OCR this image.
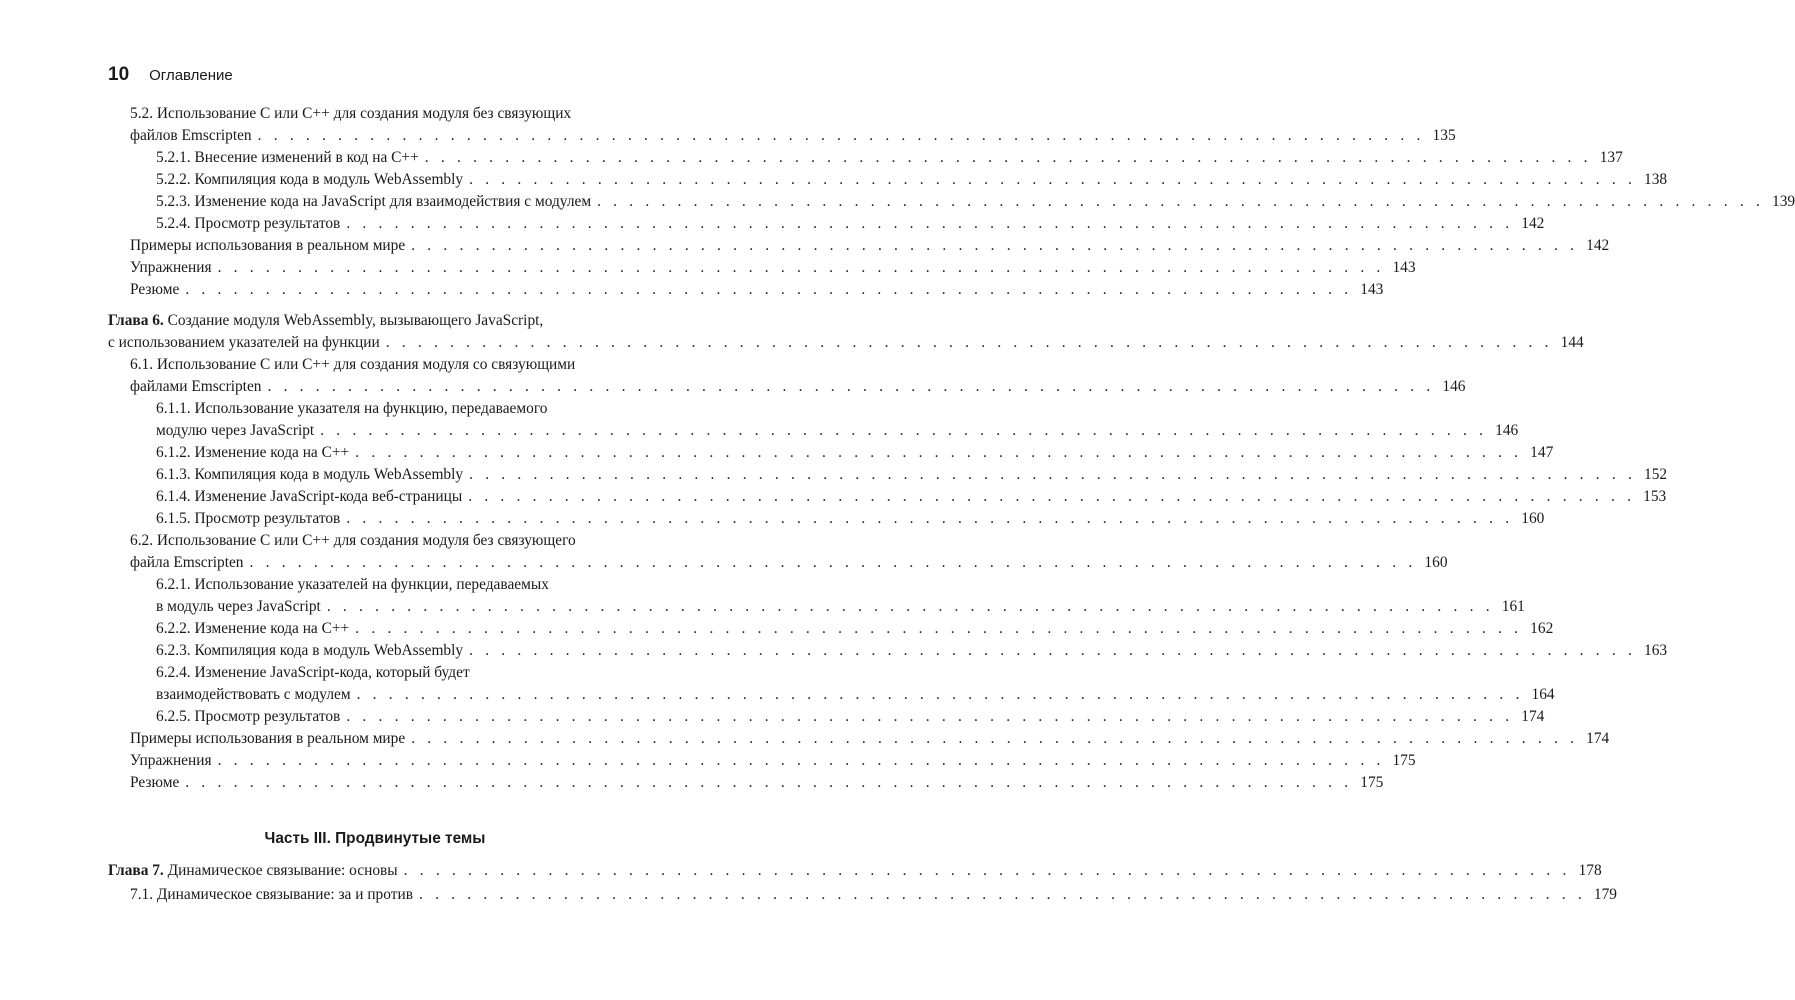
10 Оглавление
5.2. Использование C или C++ для создания модуля без связующих
файлов Emscripten . . . . . . . . . . . . . . . . . . . . . . . . . . . . . . . . . . . . . . . . . . . . . . . . . . . . . . . . . . . . . . . . . . . . . . . . . 135
5.2.1. Внесение изменений в код на C++ . . . . . . . . . . . . . . . . . . . . . . . . . . . . . . . . . . . . . . . . . . . . . . . . . . . . . . . . . . . . . . . . . . . . . . . . . 137
5.2.2. Компиляция кода в модуль WebAssembly . . . . . . . . . . . . . . . . . . . . . . . . . . . . . . . . . . . . . . . . . . . . . . . . . . . . . . . . . . . . . . . . . . . . . . . . . 138
5.2.3. Изменение кода на JavaScript для взаимодействия с модулем . . . . . . . . . . . . . . . . . . . . . . . . . . . . . . . . . . . . . . . . . . . . . . . . . . . . . . . . . . . . . . . . . . . . . . . . . 139
5.2.4. Просмотр результатов . . . . . . . . . . . . . . . . . . . . . . . . . . . . . . . . . . . . . . . . . . . . . . . . . . . . . . . . . . . . . . . . . . . . . . . . . 142
Примеры использования в реальном мире . . . . . . . . . . . . . . . . . . . . . . . . . . . . . . . . . . . . . . . . . . . . . . . . . . . . . . . . . . . . . . . . . . . . . . . . . 142
Упражнения . . . . . . . . . . . . . . . . . . . . . . . . . . . . . . . . . . . . . . . . . . . . . . . . . . . . . . . . . . . . . . . . . . . . . . . . . 143
Резюме . . . . . . . . . . . . . . . . . . . . . . . . . . . . . . . . . . . . . . . . . . . . . . . . . . . . . . . . . . . . . . . . . . . . . . . . . 143
Глава 6. Создание модуля WebAssembly, вызывающего JavaScript,
с использованием указателей на функции . . . . . . . . . . . . . . . . . . . . . . . . . . . . . . . . . . . . . . . . . . . . . . . . . . . . . . . . . . . . . . . . . . . . . . . . . 144
6.1. Использование C или C++ для создания модуля со связующими
файлами Emscripten . . . . . . . . . . . . . . . . . . . . . . . . . . . . . . . . . . . . . . . . . . . . . . . . . . . . . . . . . . . . . . . . . . . . . . . . . 146
6.1.1. Использование указателя на функцию, передаваемого
модулю через JavaScript . . . . . . . . . . . . . . . . . . . . . . . . . . . . . . . . . . . . . . . . . . . . . . . . . . . . . . . . . . . . . . . . . . . . . . . . . 146
6.1.2. Изменение кода на C++ . . . . . . . . . . . . . . . . . . . . . . . . . . . . . . . . . . . . . . . . . . . . . . . . . . . . . . . . . . . . . . . . . . . . . . . . . 147
6.1.3. Компиляция кода в модуль WebAssembly . . . . . . . . . . . . . . . . . . . . . . . . . . . . . . . . . . . . . . . . . . . . . . . . . . . . . . . . . . . . . . . . . . . . . . . . . 152
6.1.4. Изменение JavaScript-кода веб-страницы . . . . . . . . . . . . . . . . . . . . . . . . . . . . . . . . . . . . . . . . . . . . . . . . . . . . . . . . . . . . . . . . . . . . . . . . . 153
6.1.5. Просмотр результатов . . . . . . . . . . . . . . . . . . . . . . . . . . . . . . . . . . . . . . . . . . . . . . . . . . . . . . . . . . . . . . . . . . . . . . . . . 160
6.2. Использование C или C++ для создания модуля без связующего
файла Emscripten . . . . . . . . . . . . . . . . . . . . . . . . . . . . . . . . . . . . . . . . . . . . . . . . . . . . . . . . . . . . . . . . . . . . . . . . . 160
6.2.1. Использование указателей на функции, передаваемых
в модуль через JavaScript . . . . . . . . . . . . . . . . . . . . . . . . . . . . . . . . . . . . . . . . . . . . . . . . . . . . . . . . . . . . . . . . . . . . . . . . . 161
6.2.2. Изменение кода на C++ . . . . . . . . . . . . . . . . . . . . . . . . . . . . . . . . . . . . . . . . . . . . . . . . . . . . . . . . . . . . . . . . . . . . . . . . . 162
6.2.3. Компиляция кода в модуль WebAssembly . . . . . . . . . . . . . . . . . . . . . . . . . . . . . . . . . . . . . . . . . . . . . . . . . . . . . . . . . . . . . . . . . . . . . . . . . 163
6.2.4. Изменение JavaScript-кода, который будет
взаимодействовать с модулем . . . . . . . . . . . . . . . . . . . . . . . . . . . . . . . . . . . . . . . . . . . . . . . . . . . . . . . . . . . . . . . . . . . . . . . . . 164
6.2.5. Просмотр результатов . . . . . . . . . . . . . . . . . . . . . . . . . . . . . . . . . . . . . . . . . . . . . . . . . . . . . . . . . . . . . . . . . . . . . . . . . 174
Примеры использования в реальном мире . . . . . . . . . . . . . . . . . . . . . . . . . . . . . . . . . . . . . . . . . . . . . . . . . . . . . . . . . . . . . . . . . . . . . . . . . 174
Упражнения . . . . . . . . . . . . . . . . . . . . . . . . . . . . . . . . . . . . . . . . . . . . . . . . . . . . . . . . . . . . . . . . . . . . . . . . . 175
Резюме . . . . . . . . . . . . . . . . . . . . . . . . . . . . . . . . . . . . . . . . . . . . . . . . . . . . . . . . . . . . . . . . . . . . . . . . . 175
Часть III. Продвинутые темы
Глава 7. Динамическое связывание: основы . . . . . . . . . . . . . . . . . . . . . . . . . . . . . . . . . . . . . . . . . . . . . . . . . . . . . . . . . . . . . . . . . . . . . . . . . 178
7.1. Динамическое связывание: за и против . . . . . . . . . . . . . . . . . . . . . . . . . . . . . . . . . . . . . . . . . . . . . . . . . . . . . . . . . . . . . . . . . . . . . . . . . 179
